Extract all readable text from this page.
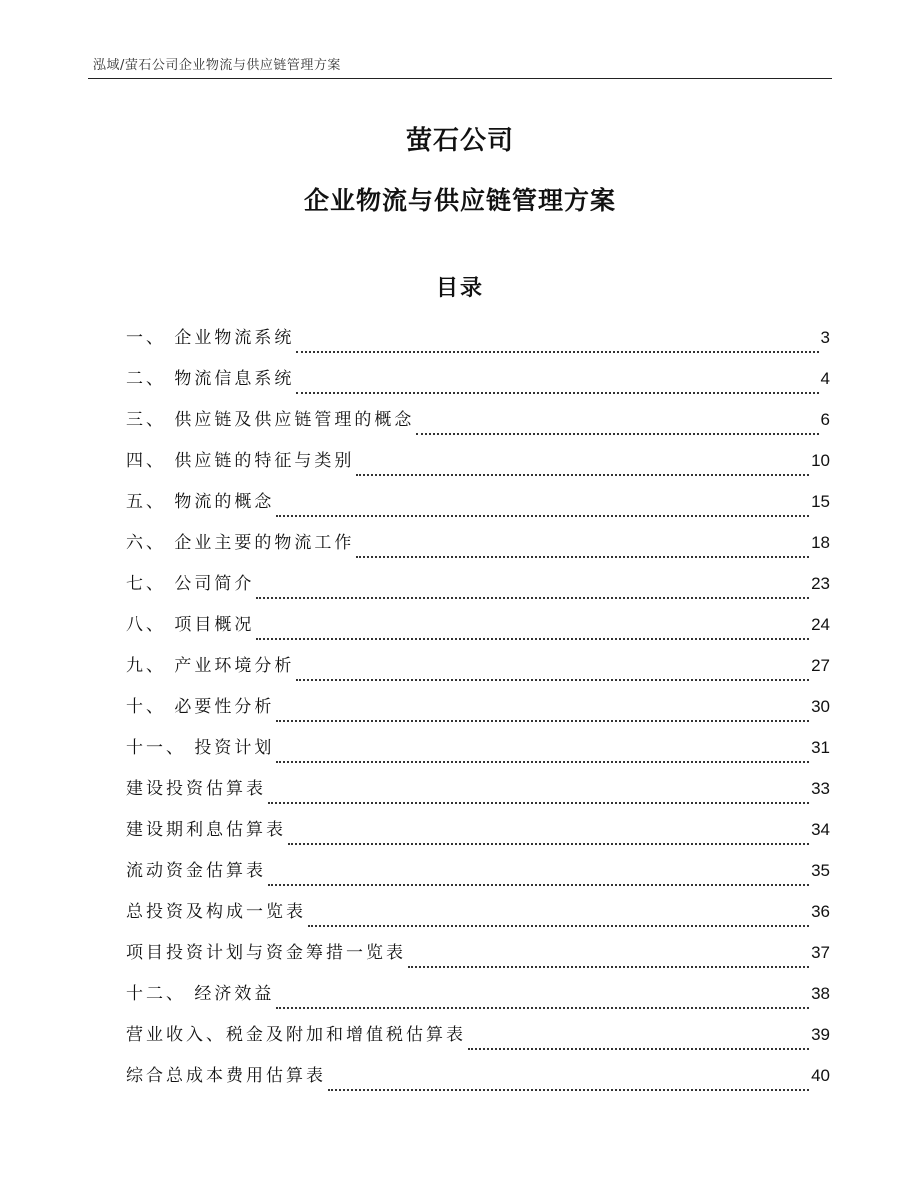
泓域/萤石公司企业物流与供应链管理方案
萤石公司
企业物流与供应链管理方案
目录
一、 企业物流系统	3
二、 物流信息系统	4
三、 供应链及供应链管理的概念	6
四、 供应链的特征与类别	10
五、 物流的概念	15
六、 企业主要的物流工作	18
七、 公司简介	23
八、 项目概况	24
九、 产业环境分析	27
十、 必要性分析	30
十一、 投资计划	31
建设投资估算表	33
建设期利息估算表	34
流动资金估算表	35
总投资及构成一览表	36
项目投资计划与资金筹措一览表	37
十二、 经济效益	38
营业收入、税金及附加和增值税估算表	39
综合总成本费用估算表	40
